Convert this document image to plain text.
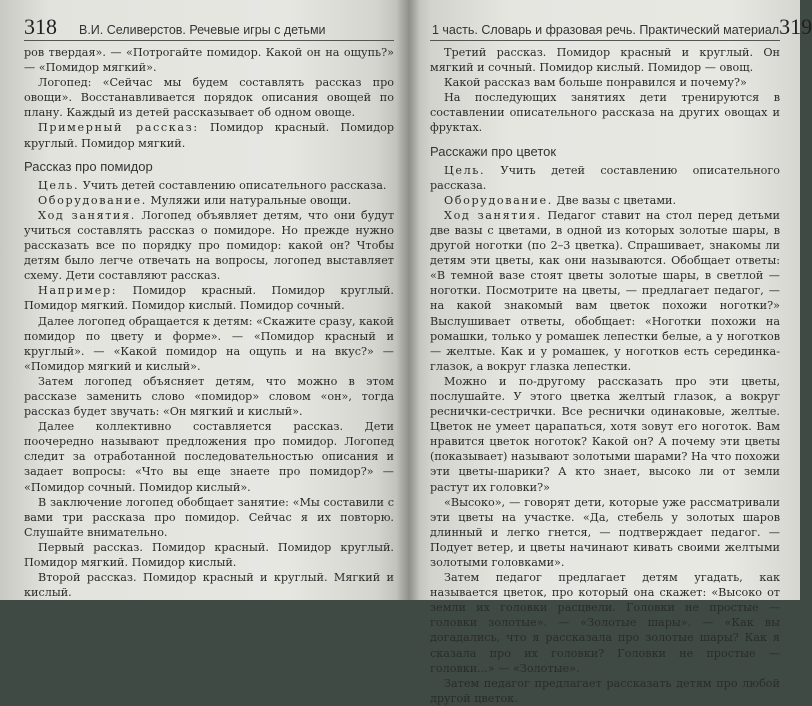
318 В.И. Селиверстов. Речевые игры с детьми

ров твердая». — «Потрогайте помидор. Какой он на ощупь?» — «Помидор мягкий».

Логопед: «Сейчас мы будем составлять рассказ про овощи». Восстанавливается порядок описания овощей по плану. Каждый из детей рассказывает об одном овоще.

Примерный рассказ: Помидор красный. Помидор круглый. Помидор мягкий.

Рассказ про помидор

Цель. Учить детей составлению описательного рассказа.

Оборудование. Муляжи или натуральные овощи.

Ход занятия. Логопед объявляет детям, что они будут учиться составлять рассказ о помидоре. Но прежде нужно рассказать все по порядку про помидор: какой он? Чтобы детям было легче отвечать на вопросы, логопед выставляет схему. Дети составляют рассказ.

Например: Помидор красный. Помидор круглый. Помидор мягкий. Помидор кислый. Помидор сочный.

Далее логопед обращается к детям: «Скажите сразу, какой помидор по цвету и форме». — «Помидор красный и круглый». — «Какой помидор на ощупь и на вкус?» — «Помидор мягкий и кислый».

Затем логопед объясняет детям, что можно в этом рассказе заменить слово «помидор» словом «он», тогда рассказ будет звучать: «Он мягкий и кислый».

Далее коллективно составляется рассказ. Дети поочередно называют предложения про помидор. Логопед следит за отработанной последовательностью описания и задает вопросы: «Что вы еще знаете про помидор?» — «Помидор сочный. Помидор кислый».

В заключение логопед обобщает занятие: «Мы составили с вами три рассказа про помидор. Сейчас я их повторю. Слушайте внимательно.

Первый рассказ. Помидор красный. Помидор круглый. Помидор мягкий. Помидор кислый.

Второй рассказ. Помидор красный и круглый. Мягкий и кислый.

1 часть. Словарь и фразовая речь. Практический материал 319

Третий рассказ. Помидор красный и круглый. Он мягкий и сочный. Помидор кислый. Помидор — овощ.

Какой рассказ вам больше понравился и почему?»

На последующих занятиях дети тренируются в составлении описательного рассказа на других овощах и фруктах.

Расскажи про цветок

Цель. Учить детей составлению описательного рассказа.

Оборудование. Две вазы с цветами.

Ход занятия. Педагог ставит на стол перед детьми две вазы с цветами, в одной из которых золотые шары, в другой ноготки (по 2–3 цветка). Спрашивает, знакомы ли детям эти цветы, как они называются. Обобщает ответы: «В темной вазе стоят цветы золотые шары, в светлой — ноготки. Посмотрите на цветы, — предлагает педагог, — на какой знакомый вам цветок похожи ноготки?» Выслушивает ответы, обобщает: «Ноготки похожи на ромашки, только у ромашек лепестки белые, а у ноготков — желтые. Как и у ромашек, у ноготков есть серединка-глазок, а вокруг глазка лепестки.

Можно и по-другому рассказать про эти цветы, послушайте. У этого цветка желтый глазок, а вокруг реснички-сестрички. Все реснички одинаковые, желтые. Цветок не умеет царапаться, хотя зовут его ноготок. Вам нравится цветок ноготок? Какой он? А почему эти цветы (показывает) называют золотыми шарами? На что похожи эти цветы-шарики? А кто знает, высоко ли от земли растут их головки?»

«Высоко», — говорят дети, которые уже рассматривали эти цветы на участке. «Да, стебель у золотых шаров длинный и легко гнется, — подтверждает педагог. — Подует ветер, и цветы начинают кивать своими желтыми золотыми головками».

Затем педагог предлагает детям угадать, как называется цветок, про который она скажет: «Высоко от земли их головки расцвели. Головки не простые — головки золотые». — «Золотые шары». — «Как вы догадались, что я рассказала про золотые шары? Как я сказала про их головки? Головки не простые — головки...» — «Золотые».

Затем педагог предлагает рассказать детям про любой другой цветок.
